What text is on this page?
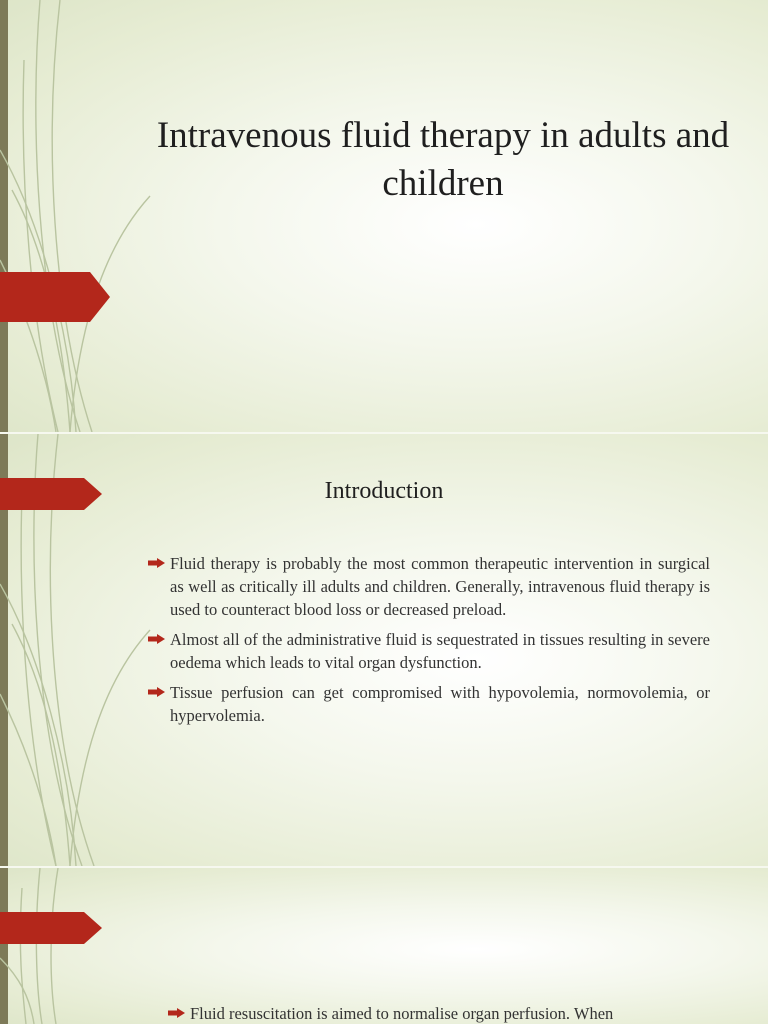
Intravenous fluid therapy in adults and children
Introduction
Fluid therapy is probably the most common therapeutic intervention in surgical as well as critically ill adults and children. Generally, intravenous fluid therapy is used to counteract blood loss or decreased preload.
Almost all of the administrative fluid is sequestrated in tissues resulting in severe oedema which leads to vital organ dysfunction.
Tissue perfusion can get compromised with hypovolemia, normovolemia, or hypervolemia.
Fluid resuscitation is aimed to normalise organ perfusion. When
